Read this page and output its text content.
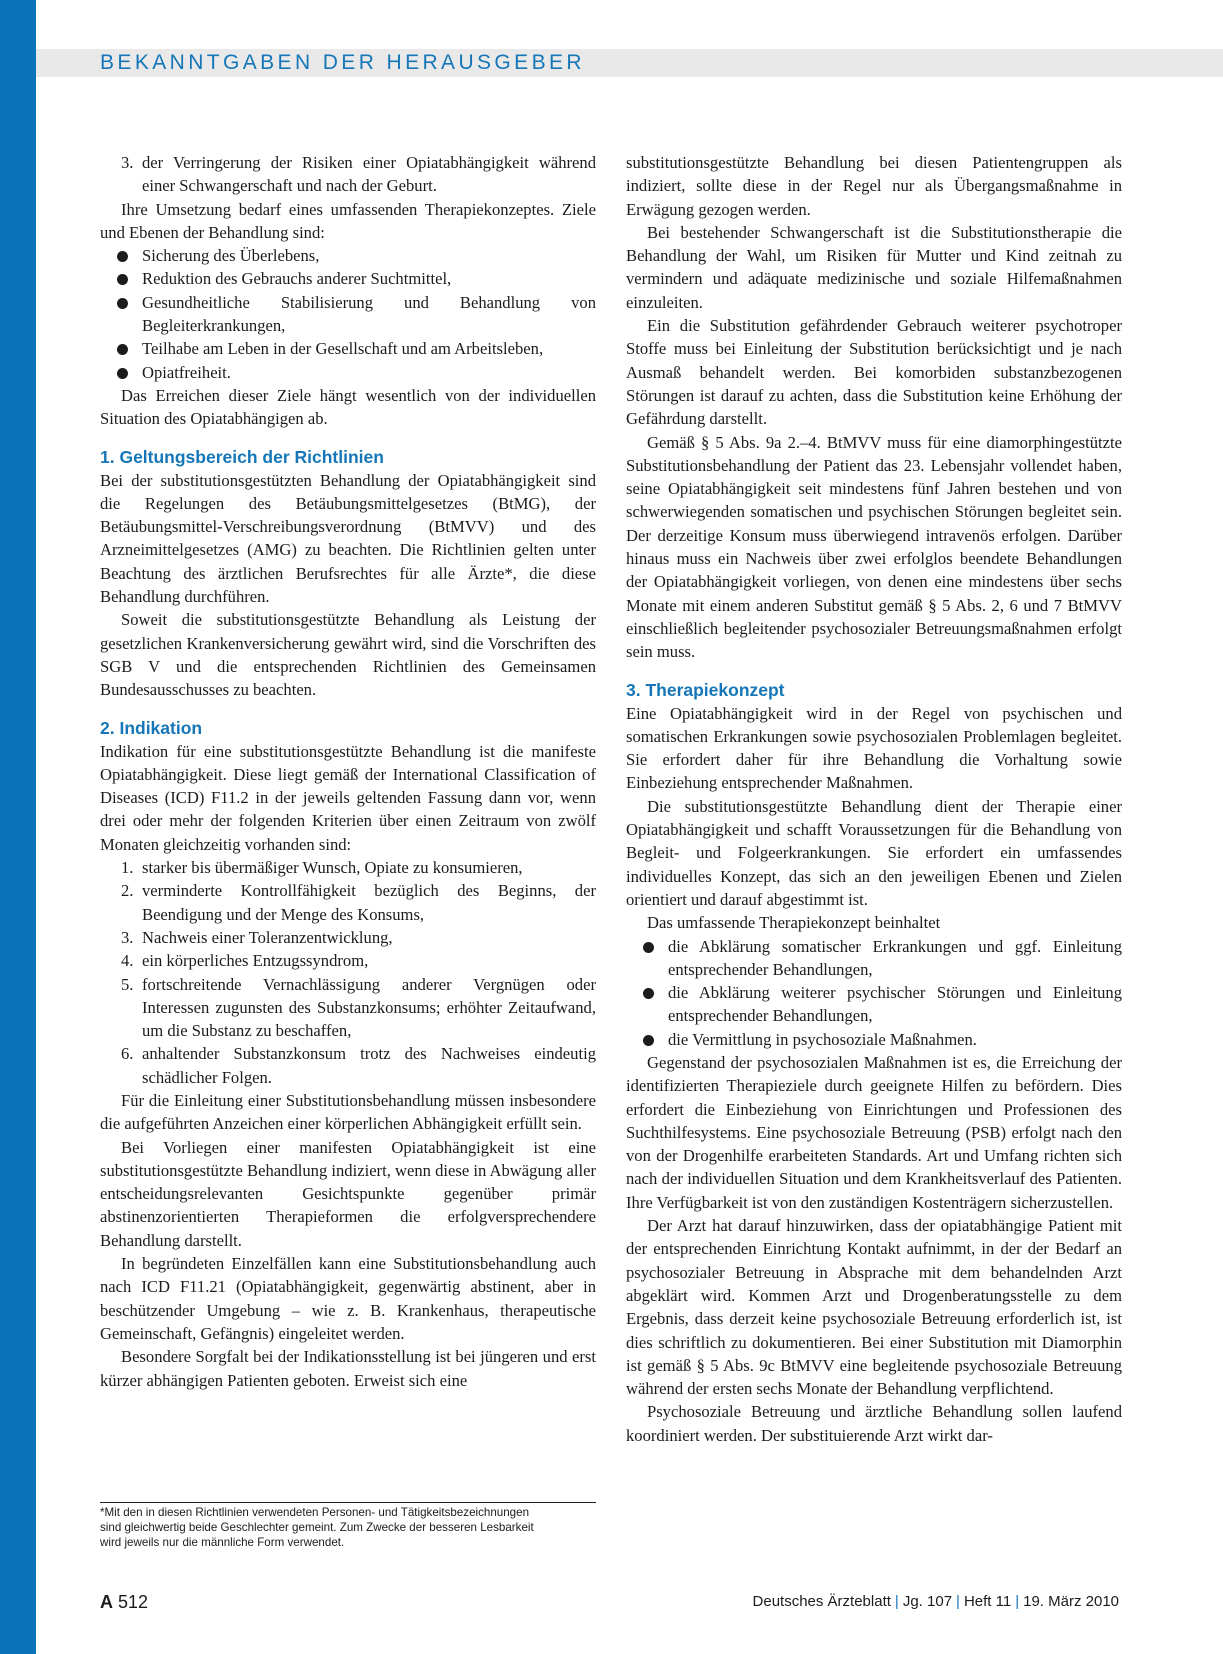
BEKANNTGABEN DER HERAUSGEBER
3. der Verringerung der Risiken einer Opiatabhängigkeit während einer Schwangerschaft und nach der Geburt.

Ihre Umsetzung bedarf eines umfassenden Therapiekonzeptes. Ziele und Ebenen der Behandlung sind:

Sicherung des Überlebens,
Reduktion des Gebrauchs anderer Suchtmittel,
Gesundheitliche Stabilisierung und Behandlung von Begleiterkrankungen,
Teilhabe am Leben in der Gesellschaft und am Arbeitsleben,
Opiatfreiheit.

Das Erreichen dieser Ziele hängt wesentlich von der individuellen Situation des Opiatabhängigen ab.

1. Geltungsbereich der Richtlinien

Bei der substitutionsgestützten Behandlung der Opiatabhängigkeit sind die Regelungen des Betäubungsmittelgesetzes (BtMG), der Betäubungsmittel-Verschreibungsverordnung (BtMVV) und des Arzneimittelgesetzes (AMG) zu beachten. Die Richtlinien gelten unter Beachtung des ärztlichen Berufsrechtes für alle Ärzte*, die diese Behandlung durchführen.

Soweit die substitutionsgestützte Behandlung als Leistung der gesetzlichen Krankenversicherung gewährt wird, sind die Vorschriften des SGB V und die entsprechenden Richtlinien des Gemeinsamen Bundesausschusses zu beachten.

2. Indikation

Indikation für eine substitutionsgestützte Behandlung ist die manifeste Opiatabhängigkeit. Diese liegt gemäß der International Classification of Diseases (ICD) F11.2 in der jeweils geltenden Fassung dann vor, wenn drei oder mehr der folgenden Kriterien über einen Zeitraum von zwölf Monaten gleichzeitig vorhanden sind:

1. starker bis übermäßiger Wunsch, Opiate zu konsumieren,
2. verminderte Kontrollfähigkeit bezüglich des Beginns, der Beendigung und der Menge des Konsums,
3. Nachweis einer Toleranzentwicklung,
4. ein körperliches Entzugssyndrom,
5. fortschreitende Vernachlässigung anderer Vergnügen oder Interessen zugunsten des Substanzkonsums; erhöhter Zeitaufwand, um die Substanz zu beschaffen,
6. anhaltender Substanzkonsum trotz des Nachweises eindeutig schädlicher Folgen.

Für die Einleitung einer Substitutionsbehandlung müssen insbesondere die aufgeführten Anzeichen einer körperlichen Abhängigkeit erfüllt sein.

Bei Vorliegen einer manifesten Opiatabhängigkeit ist eine substitutionsgestützte Behandlung indiziert, wenn diese in Abwägung aller entscheidungsrelevanten Gesichtspunkte gegenüber primär abstinenzorientierten Therapieformen die erfolgversprechendere Behandlung darstellt.

In begründeten Einzelfällen kann eine Substitutionsbehandlung auch nach ICD F11.21 (Opiatabhängigkeit, gegenwärtig abstinent, aber in beschützender Umgebung – wie z. B. Krankenhaus, therapeutische Gemeinschaft, Gefängnis) eingeleitet werden.

Besondere Sorgfalt bei der Indikationsstellung ist bei jüngeren und erst kürzer abhängigen Patienten geboten. Erweist sich eine

substitutionsgestützte Behandlung bei diesen Patientengruppen als indiziert, sollte diese in der Regel nur als Übergangsmaßnahme in Erwägung gezogen werden.

Bei bestehender Schwangerschaft ist die Substitutionstherapie die Behandlung der Wahl, um Risiken für Mutter und Kind zeitnah zu vermindern und adäquate medizinische und soziale Hilfemaßnahmen einzuleiten.

Ein die Substitution gefährdender Gebrauch weiterer psychotroper Stoffe muss bei Einleitung der Substitution berücksichtigt und je nach Ausmaß behandelt werden. Bei komorbiden substanzbezogenen Störungen ist darauf zu achten, dass die Substitution keine Erhöhung der Gefährdung darstellt.

Gemäß § 5 Abs. 9a 2.–4. BtMVV muss für eine diamorphingestützte Substitutionsbehandlung der Patient das 23. Lebensjahr vollendet haben, seine Opiatabhängigkeit seit mindestens fünf Jahren bestehen und von schwerwiegenden somatischen und psychischen Störungen begleitet sein. Der derzeitige Konsum muss überwiegend intravenös erfolgen. Darüber hinaus muss ein Nachweis über zwei erfolglos beendete Behandlungen der Opiatabhängigkeit vorliegen, von denen eine mindestens über sechs Monate mit einem anderen Substitut gemäß § 5 Abs. 2, 6 und 7 BtMVV einschließlich begleitender psychosozialer Betreuungsmaßnahmen erfolgt sein muss.

3. Therapiekonzept

Eine Opiatabhängigkeit wird in der Regel von psychischen und somatischen Erkrankungen sowie psychosozialen Problemlagen begleitet. Sie erfordert daher für ihre Behandlung die Vorhaltung sowie Einbeziehung entsprechender Maßnahmen.

Die substitutionsgestützte Behandlung dient der Therapie einer Opiatabhängigkeit und schafft Voraussetzungen für die Behandlung von Begleit- und Folgeerkrankungen. Sie erfordert ein umfassendes individuelles Konzept, das sich an den jeweiligen Ebenen und Zielen orientiert und darauf abgestimmt ist.

Das umfassende Therapiekonzept beinhaltet

die Abklärung somatischer Erkrankungen und ggf. Einleitung entsprechender Behandlungen,
die Abklärung weiterer psychischer Störungen und Einleitung entsprechender Behandlungen,
die Vermittlung in psychosoziale Maßnahmen.

Gegenstand der psychosozialen Maßnahmen ist es, die Erreichung der identifizierten Therapieziele durch geeignete Hilfen zu befördern. Dies erfordert die Einbeziehung von Einrichtungen und Professionen des Suchthilfesystems. Eine psychosoziale Betreuung (PSB) erfolgt nach den von der Drogenhilfe erarbeiteten Standards. Art und Umfang richten sich nach der individuellen Situation und dem Krankheitsverlauf des Patienten. Ihre Verfügbarkeit ist von den zuständigen Kostenträgern sicherzustellen.

Der Arzt hat darauf hinzuwirken, dass der opiatabhängige Patient mit der entsprechenden Einrichtung Kontakt aufnimmt, in der der Bedarf an psychosozialer Betreuung in Absprache mit dem behandelnden Arzt abgeklärt wird. Kommen Arzt und Drogenberatungsstelle zu dem Ergebnis, dass derzeit keine psychosoziale Betreuung erforderlich ist, ist dies schriftlich zu dokumentieren. Bei einer Substitution mit Diamorphin ist gemäß § 5 Abs. 9c BtMVV eine begleitende psychosoziale Betreuung während der ersten sechs Monate der Behandlung verpflichtend.

Psychosoziale Betreuung und ärztliche Behandlung sollen laufend koordiniert werden. Der substituierende Arzt wirkt dar-

*Mit den in diesen Richtlinien verwendeten Personen- und Tätigkeitsbezeichnungen
sind gleichwertig beide Geschlechter gemeint. Zum Zwecke der besseren Lesbarkeit
wird jeweils nur die männliche Form verwendet.
A 512	Deutsches Ärzteblatt | Jg. 107 | Heft 11 | 19. März 2010
